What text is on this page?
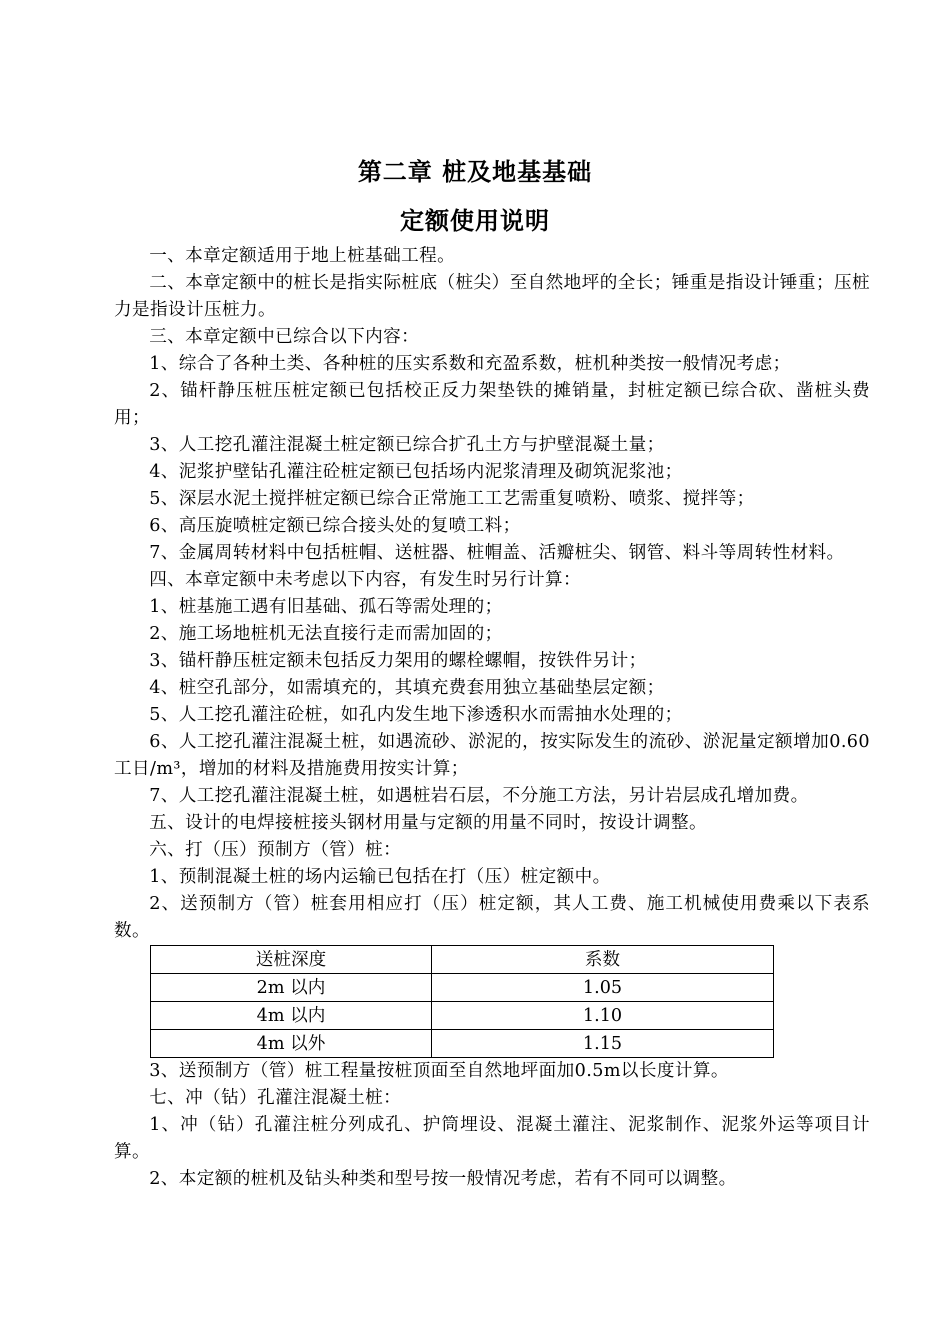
第二章 桩及地基基础
定额使用说明

一、本章定额适用于地上桩基础工程。

二、本章定额中的桩长是指实际桩底（桩尖）至自然地坪的全长；锤重是指设计锤重；压桩力是指设计压桩力。

三、本章定额中已综合以下内容：

1、综合了各种土类、各种桩的压实系数和充盈系数，桩机种类按一般情况考虑；

2、锚杆静压桩压桩定额已包括校正反力架垫铁的摊销量，封桩定额已综合砍、凿桩头费用；

3、人工挖孔灌注混凝土桩定额已综合扩孔土方与护壁混凝土量；

4、泥浆护壁钻孔灌注砼桩定额已包括场内泥浆清理及砌筑泥浆池；

5、深层水泥土搅拌桩定额已综合正常施工工艺需重复喷粉、喷浆、搅拌等；

6、高压旋喷桩定额已综合接头处的复喷工料；

7、金属周转材料中包括桩帽、送桩器、桩帽盖、活瓣桩尖、钢管、料斗等周转性材料。

四、本章定额中未考虑以下内容，有发生时另行计算：

1、桩基施工遇有旧基础、孤石等需处理的；

2、施工场地桩机无法直接行走而需加固的；

3、锚杆静压桩定额未包括反力架用的螺栓螺帽，按铁件另计；

4、桩空孔部分，如需填充的，其填充费套用独立基础垫层定额；

5、人工挖孔灌注砼桩，如孔内发生地下渗透积水而需抽水处理的；

6、人工挖孔灌注混凝土桩，如遇流砂、淤泥的，按实际发生的流砂、淤泥量定额增加0.60工日/m³，增加的材料及措施费用按实计算；

7、人工挖孔灌注混凝土桩，如遇桩岩石层，不分施工方法，另计岩层成孔增加费。

五、设计的电焊接桩接头钢材用量与定额的用量不同时，按设计调整。

六、打（压）预制方（管）桩：

1、预制混凝土桩的场内运输已包括在打（压）桩定额中。

2、送预制方（管）桩套用相应打（压）桩定额，其人工费、施工机械使用费乘以下表系数。

送桩深度	系数
2m 以内	1.05
4m 以内	1.10
4m 以外	1.15

3、送预制方（管）桩工程量按桩顶面至自然地坪面加0.5m以长度计算。

七、冲（钻）孔灌注混凝土桩：

1、冲（钻）孔灌注桩分列成孔、护筒埋设、混凝土灌注、泥浆制作、泥浆外运等项目计算。

2、本定额的桩机及钻头种类和型号按一般情况考虑，若有不同可以调整。
